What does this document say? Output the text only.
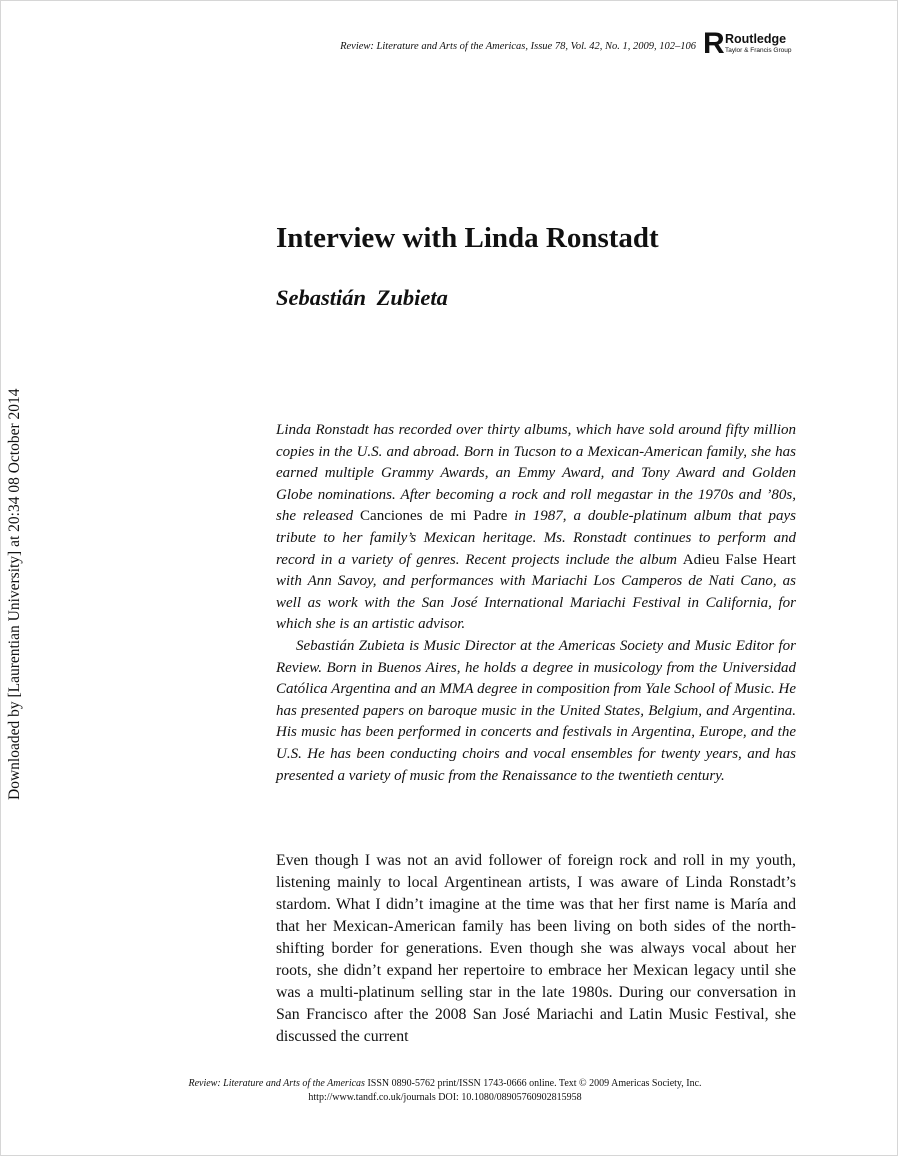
Review: Literature and Arts of the Americas, Issue 78, Vol. 42, No. 1, 2009, 102–106 R Routledge
Taylor & Francis Group
Downloaded by [Laurentian University] at 20:34 08 October 2014
Interview with Linda Ronstadt
Sebastián Zubieta

Linda Ronstadt has recorded over thirty albums, which have sold around fifty million copies in the U.S. and abroad. Born in Tucson to a Mexican-American family, she has earned multiple Grammy Awards, an Emmy Award, and Tony Award and Golden Globe nominations. After becoming a rock and roll megastar in the 1970s and ’80s, she released Canciones de mi Padre in 1987, a double-platinum album that pays tribute to her family’s Mexican heritage. Ms. Ronstadt continues to perform and record in a variety of genres. Recent projects include the album Adieu False Heart with Ann Savoy, and performances with Mariachi Los Camperos de Nati Cano, as well as work with the San José International Mariachi Festival in California, for which she is an artistic advisor.

Sebastián Zubieta is Music Director at the Americas Society and Music Editor for Review. Born in Buenos Aires, he holds a degree in musicology from the Universidad Católica Argentina and an MMA degree in composition from Yale School of Music. He has presented papers on baroque music in the United States, Belgium, and Argentina. His music has been performed in concerts and festivals in Argentina, Europe, and the U.S. He has been conducting choirs and vocal ensembles for twenty years, and has presented a variety of music from the Renaissance to the twentieth century.

Even though I was not an avid follower of foreign rock and roll in my youth, listening mainly to local Argentinean artists, I was aware of Linda Ronstadt’s stardom. What I didn’t imagine at the time was that her first name is María and that her Mexican-American family has been living on both sides of the north-shifting border for generations. Even though she was always vocal about her roots, she didn’t expand her repertoire to embrace her Mexican legacy until she was a multi-platinum selling star in the late 1980s. During our conversation in San Francisco after the 2008 San José Mariachi and Latin Music Festival, she discussed the current

Review: Literature and Arts of the Americas ISSN 0890-5762 print/ISSN 1743-0666 online. Text © 2009 Americas Society, Inc.
http://www.tandf.co.uk/journals DOI: 10.1080/08905760902815958
